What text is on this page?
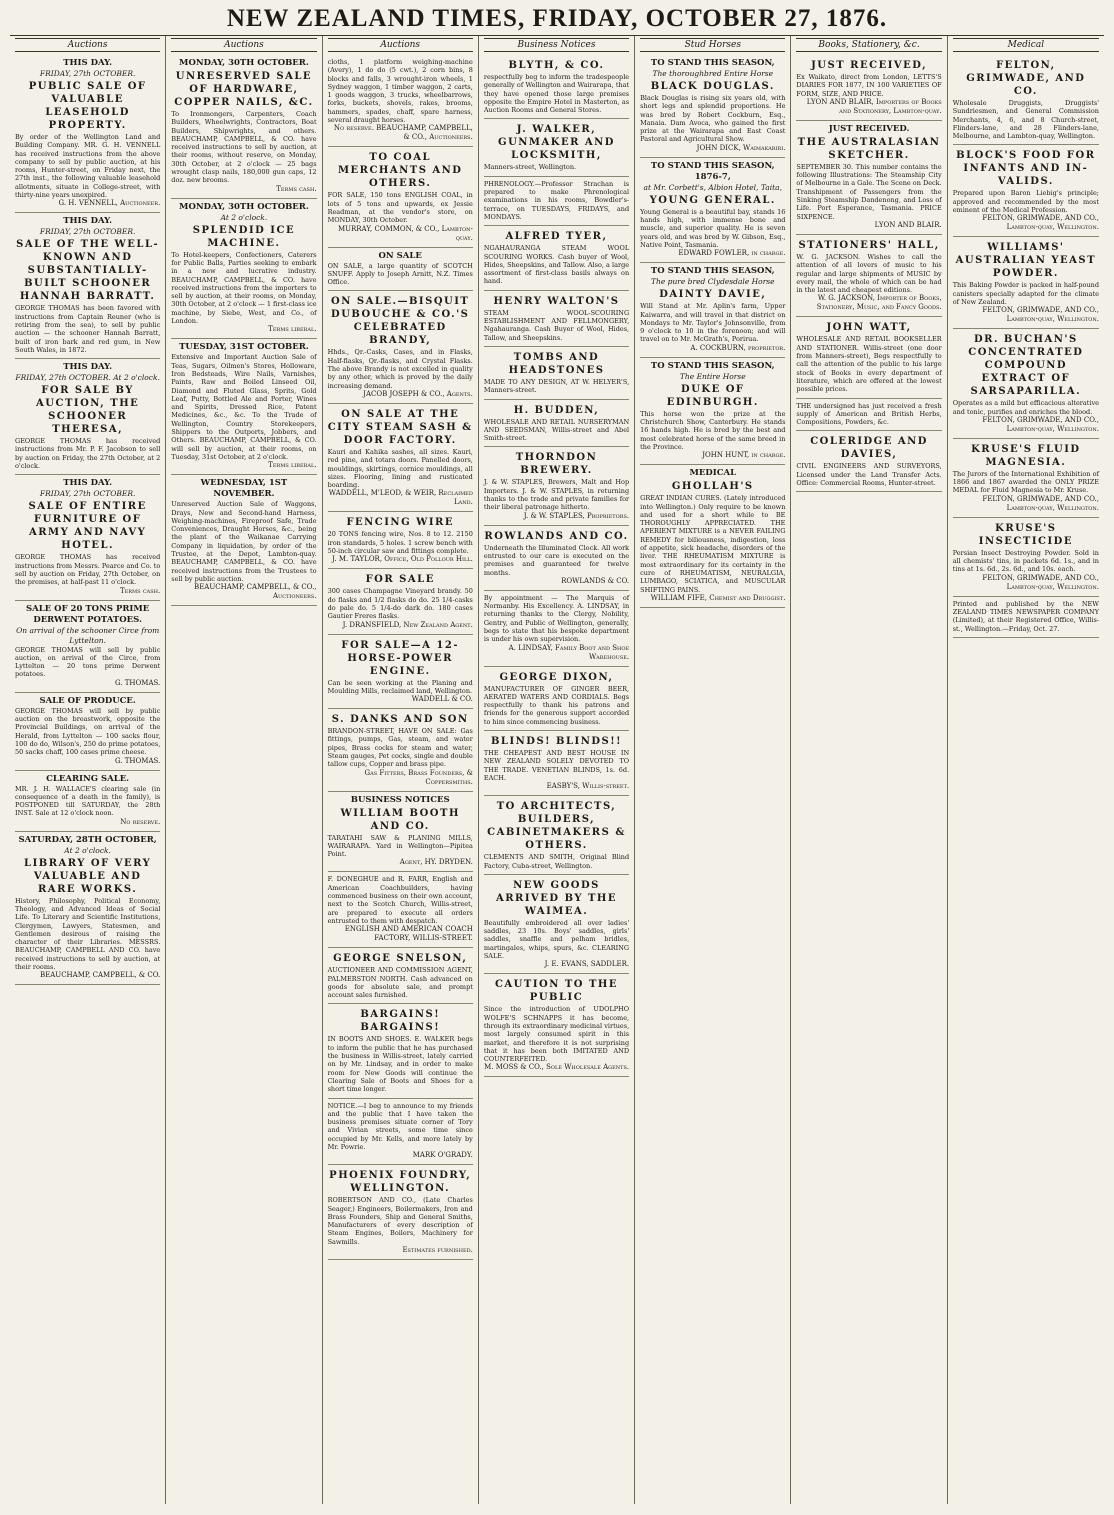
NEW ZEALAND TIMES, FRIDAY, OCTOBER 27, 1876.
Auctions
THIS DAY.
FRIDAY, 27th OCTOBER.
PUBLIC SALE OF VALUABLE LEASEHOLD PROPERTY.
By order of the Wellington Land and Building Company. MR. G. H. VENNELL has received instructions from the above company to sell by public auction, at his rooms, Hunter-street, on Friday next, the 27th inst., the following valuable leasehold allotments, situate in College-street, with thirty-nine years unexpired.
G. H. VENNELL, Auctioneer.
THIS DAY.
FRIDAY, 27th OCTOBER.
SALE OF THE WELL-KNOWN AND SUBSTANTIALLY-BUILT SCHOONER HANNAH BARRATT.
GEORGE THOMAS has been favored with instructions from Captain Reuner (who is retiring from the sea), to sell by public auction — the schooner Hannah Barratt, built of iron bark and red gum, in New South Wales, in 1872.
THIS DAY.
FRIDAY, 27th OCTOBER. At 2 o'clock.
FOR SALE BY AUCTION, THE SCHOONER THERESA,
GEORGE THOMAS has received instructions from Mr. P. F. Jacobson to sell by auction on Friday, the 27th October, at 2 o'clock.
THIS DAY.
FRIDAY, 27th OCTOBER.
SALE OF ENTIRE FURNITURE OF ARMY AND NAVY HOTEL.
GEORGE THOMAS has received instructions from Messrs. Pearce and Co. to sell by auction on Friday, 27th October, on the premises, at half-past 11 o'clock.
Terms cash.
SALE OF 20 TONS PRIME DERWENT POTATOES.
On arrival of the schooner Circe from Lyttelton.
GEORGE THOMAS will sell by public auction, on arrival of the Circe, from Lyttelton — 20 tons prime Derwent potatoes.
G. THOMAS.
SALE OF PRODUCE.
GEORGE THOMAS will sell by public auction on the breastwork, opposite the Provincial Buildings, on arrival of the Herald, from Lyttelton — 100 sacks flour, 100 do do, Wilson's, 250 do prime potatoes, 50 sacks chaff, 100 cases prime cheese.
G. THOMAS.
CLEARING SALE.
MR. J. H. WALLACE'S clearing sale (in consequence of a death in the family), is POSTPONED till SATURDAY, the 28th INST. Sale at 12 o'clock noon.
No reserve.
SATURDAY, 28TH OCTOBER,
At 2 o'clock.
LIBRARY OF VERY VALUABLE AND RARE WORKS.
History, Philosophy, Political Economy, Theology, and Advanced Ideas of Social Life. To Literary and Scientific Institutions, Clergymen, Lawyers, Statesmen, and Gentlemen desirous of raising the character of their Libraries. MESSRS. BEAUCHAMP, CAMPBELL AND CO. have received instructions to sell by auction, at their rooms.
BEAUCHAMP, CAMPBELL, & CO.
Auctions
MONDAY, 30TH OCTOBER.
UNRESERVED SALE OF HARDWARE, COPPER NAILS, &C.
To Ironmongers, Carpenters, Coach Builders, Wheelwrights, Contractors, Boat Builders, Shipwrights, and others. BEAUCHAMP, CAMPBELL, & CO. have received instructions to sell by auction, at their rooms, without reserve, on Monday, 30th October, at 2 o'clock — 25 bags wrought clasp nails, 180,000 gun caps, 12 doz. new brooms.
Terms cash.
MONDAY, 30TH OCTOBER.
At 2 o'clock.
SPLENDID ICE MACHINE.
To Hotel-keepers, Confectioners, Caterers for Public Balls, Parties seeking to embark in a new and lucrative industry. BEAUCHAMP, CAMPBELL, & CO. have received instructions from the importers to sell by auction, at their rooms, on Monday, 30th October, at 2 o'clock — 1 first-class ice machine, by Siebe, West, and Co., of London.
Terms liberal.
TUESDAY, 31ST OCTOBER.
Extensive and Important Auction Sale of Teas, Sugars, Oilmen's Stores, Holloware, Iron Bedsteads, Wire Nails, Varnishes, Paints, Raw and Boiled Linseed Oil, Diamond and Fluted Glass, Sprits, Gold Leaf, Putty, Bottled Ale and Porter, Wines and Spirits, Dressed Rice, Patent Medicines, &c., &c. To the Trade of Wellington, Country Storekeepers, Shippers to the Outports, Jobbers, and Others. BEAUCHAMP, CAMPBELL, & CO. will sell by auction, at their rooms, on Tuesday, 31st October, at 2 o'clock.
Terms liberal.
WEDNESDAY, 1ST NOVEMBER.
Unreserved Auction Sale of Waggons, Drays, New and Second-hand Harness, Weighing-machines, Fireproof Safe, Trade Conveniences, Draught Horses, &c., being the plant of the Waikanae Carrying Company in liquidation, by order of the Trustee, at the Depot, Lambton-quay. BEAUCHAMP, CAMPBELL, & CO. have received instructions from the Trustees to sell by public auction.
BEAUCHAMP, CAMPBELL, & CO., Auctioneers.
Auctions
cloths, 1 platform weighing-machine (Avery), 1 do do (5 cwt.), 2 corn bins, 8 blocks and falls, 3 wrought-iron wheels, 1 Sydney waggon, 1 timber waggon, 2 carts, 1 goods waggon, 3 trucks, wheelbarrows, forks, buckets, shovels, rakes, brooms, hammers, spades, chaff, spare harness, several draught horses.
No reserve. BEAUCHAMP, CAMPBELL, & CO., Auctioneers.
TO COAL MERCHANTS AND OTHERS.
FOR SALE, 150 tons ENGLISH COAL, in lots of 5 tons and upwards, ex Jessie Readman, at the vendor's store, on MONDAY, 30th October.
MURRAY, COMMON, & CO., Lambton-quay.
ON SALE
ON SALE, a large quantity of SCOTCH SNUFF. Apply to Joseph Arnitt, N.Z. Times Office.
ON SALE.—BISQUIT DUBOUCHE & CO.'S CELEBRATED BRANDY,
Hhds., Qr.-Casks, Cases, and in Flasks, Half-flasks, Qr.-flasks, and Crystal Flasks. The above Brandy is not excelled in quality by any other, which is proved by the daily increasing demand.
JACOB JOSEPH & CO., Agents.
ON SALE AT THE CITY STEAM SASH & DOOR FACTORY.
Kauri and Kahika sashes, all sizes. Kauri, red pine, and totara doors. Panelled doors, mouldings, skirtings, cornice mouldings, all sizes. Flooring, lining and rusticated boarding.
WADDELL, M'LEOD, & WEIR, Reclaimed Land.
FENCING WIRE
20 TONS fencing wire, Nos. 8 to 12. 2150 iron standards, 5 holes. 1 screw bench with 50-inch circular saw and fittings complete.
J. M. TAYLOR, Office, Old Pollour Hill.
FOR SALE
300 cases Champagne Vineyard brandy. 50 do flasks and 1/2 flasks do do. 25 1/4-casks do pale do. 5 1/4-do dark do. 180 cases Gautier Freres flasks.
J. DRANSFIELD, New Zealand Agent.
FOR SALE—A 12-HORSE-POWER ENGINE.
Can be seen working at the Planing and Moulding Mills, reclaimed land, Wellington.
WADDELL & CO.
S. DANKS AND SON
BRANDON-STREET, HAVE ON SALE: Gas fittings, pumps, Gas, steam, and water pipes, Brass cocks for steam and water, Steam gauges, Pet cocks, single and double tallow cups, Copper and brass pipe.
Gas Fitters, Brass Founders, & Coppersmiths.
BUSINESS NOTICES
WILLIAM BOOTH AND CO.
TARATAHI SAW & PLANING MILLS, WAIRARAPA. Yard in Wellington—Pipitea Point.
Agent, HY. DRYDEN.
F. DONEGHUE and R. FARR, English and American Coachbuilders, having commenced business on their own account, next to the Scotch Church, Willis-street, are prepared to execute all orders entrusted to them with despatch.
ENGLISH AND AMERICAN COACH FACTORY, WILLIS-STREET.
GEORGE SNELSON,
AUCTIONEER AND COMMISSION AGENT, PALMERSTON NORTH. Cash advanced on goods for absolute sale, and prompt account sales furnished.
BARGAINS! BARGAINS!
IN BOOTS AND SHOES. E. WALKER begs to inform the public that he has purchased the business in Willis-street, lately carried on by Mr. Lindsay, and in order to make room for New Goods will continue the Clearing Sale of Boots and Shoes for a short time longer.
NOTICE.—I beg to announce to my friends and the public that I have taken the business premises situate corner of Tory and Vivian streets, some time since occupied by Mr. Kells, and more lately by Mr. Powrie.
MARK O'GRADY.
PHOENIX FOUNDRY, WELLINGTON.
ROBERTSON AND CO., (Late Charles Seager,) Engineers, Boilermakers, Iron and Brass Founders, Ship and General Smiths, Manufacturers of every description of Steam Engines, Boilers, Machinery for Sawmills.
Estimates furnished.
Business Notices
BLYTH, & CO.
respectfully beg to inform the tradespeople generally of Wellington and Wairarapa, that they have opened those large premises opposite the Empire Hotel in Masterton, as Auction Rooms and General Stores.
J. WALKER, GUNMAKER AND LOCKSMITH,
Manners-street, Wellington.
PHRENOLOGY.—Professor Strachan is prepared to make Phrenological examinations in his rooms, Bowdler's-terrace, on TUESDAYS, FRIDAYS, and MONDAYS.
ALFRED TYER,
NGAHAURANGA STEAM WOOL SCOURING WORKS. Cash buyer of Wool, Hides, Sheepskins, and Tallow. Also, a large assortment of first-class basils always on hand.
HENRY WALTON'S
STEAM WOOL-SCOURING ESTABLISHMENT AND FELLMONGERY, Ngahauranga. Cash Buyer of Wool, Hides, Tallow, and Sheepskins.
TOMBS AND HEADSTONES
MADE TO ANY DESIGN, AT W. HELYER'S, Manners-street.
H. BUDDEN,
WHOLESALE AND RETAIL NURSERYMAN AND SEEDSMAN, Willis-street and Abel Smith-street.
THORNDON BREWERY.
J. & W. STAPLES, Brewers, Malt and Hop Importers. J. & W. STAPLES, in returning thanks to the trade and private families for their liberal patronage hitherto.
J. & W. STAPLES, Proprietors.
ROWLANDS AND CO.
Underneath the Illuminated Clock. All work entrusted to our care is executed on the premises and guaranteed for twelve months.
ROWLANDS & CO.
By appointment — The Marquis of Normanby. His Excellency. A. LINDSAY, in returning thanks to the Clergy, Nobility, Gentry, and Public of Wellington, generally, begs to state that his bespoke department is under his own supervision.
A. LINDSAY, Family Boot and Shoe Warehouse.
GEORGE DIXON,
MANUFACTURER OF GINGER BEER, AERATED WATERS AND CORDIALS. Begs respectfully to thank his patrons and friends for the generous support accorded to him since commencing business.
BLINDS! BLINDS!!
THE CHEAPEST AND BEST HOUSE IN NEW ZEALAND SOLELY DEVOTED TO THE TRADE. VENETIAN BLINDS, 1s. 6d. EACH.
EASBY'S, Willis-street.
TO ARCHITECTS, BUILDERS, CABINETMAKERS & OTHERS.
CLEMENTS AND SMITH, Original Blind Factory, Cuba-street, Wellington.
NEW GOODS ARRIVED BY THE WAIMEA.
Beautifully embroidered all over ladies' saddles, 23 10s. Boys' saddles, girls' saddles, snaffle and pelham bridles, martingales, whips, spurs, &c. CLEARING SALE.
J. E. EVANS, SADDLER.
CAUTION TO THE PUBLIC
Since the introduction of UDOLPHO WOLFE'S SCHNAPPS it has become, through its extraordinary medicinal virtues, most largely consumed spirit in this market, and therefore it is not surprising that it has been both IMITATED AND COUNTERFEITED.
M. MOSS & CO., Sole Wholesale Agents.
Stud Horses
TO STAND THIS SEASON,
The thoroughbred Entire Horse
BLACK DOUGLAS.
Black Douglas is rising six years old, with short legs and splendid proportions. He was bred by Robert Cockburn, Esq., Manaia. Dam Avoca, who gained the first prize at the Wairarapa and East Coast Pastoral and Agricultural Show.
JOHN DICK, Waimakariri.
TO STAND THIS SEASON, 1876-7,
at Mr. Corbett's, Albion Hotel, Taita,
YOUNG GENERAL.
Young General is a beautiful bay, stands 16 hands high, with immense bone and muscle, and superior quality. He is seven years old, and was bred by W. Gibson, Esq., Native Point, Tasmania.
EDWARD FOWLER, in charge.
TO STAND THIS SEASON,
The pure bred Clydesdale Horse
DAINTY DAVIE,
Will Stand at Mr. Aplin's farm, Upper Kaiwarra, and will travel in that district on Mondays to Mr. Taylor's Johnsonville, from 9 o'clock to 10 in the forenoon; and will travel on to Mr. McGrath's, Porirua.
A. COCKBURN, proprietor.
TO STAND THIS SEASON,
The Entire Horse
DUKE OF EDINBURGH.
This horse won the prize at the Christchurch Show, Canterbury. He stands 16 hands high. He is bred by the best and most celebrated horse of the same breed in the Province.
JOHN HUNT, in charge.
MEDICAL
GHOLLAH'S
GREAT INDIAN CURES. (Lately introduced into Wellington.) Only require to be known and used for a short while to BE THOROUGHLY APPRECIATED. THE APERIENT MIXTURE is a NEVER FAILING REMEDY for biliousness, indigestion, loss of appetite, sick headache, disorders of the liver. THE RHEUMATISM MIXTURE is most extraordinary for its certainty in the cure of RHEUMATISM, NEURALGIA, LUMBAGO, SCIATICA, and MUSCULAR SHIFTING PAINS.
WILLIAM FIFE, Chemist and Druggist.
Books, Stationery, &c.
JUST RECEIVED,
Ex Waikato, direct from London, LETTS'S DIARIES FOR 1877, IN 100 VARIETIES OF FORM, SIZE, AND PRICE.
LYON AND BLAIR, Importers of Books and Stationery, Lambton-quay.
JUST RECEIVED.
THE AUSTRALASIAN SKETCHER.
SEPTEMBER 30. This number contains the following Illustrations: The Steamship City of Melbourne in a Gale. The Scene on Deck. Transhipment of Passengers from the Sinking Steamship Dandenong, and Loss of Life. Port Esperance, Tasmania. PRICE SIXPENCE.
LYON AND BLAIR.
STATIONERS' HALL,
W. G. JACKSON. Wishes to call the attention of all lovers of music to his regular and large shipments of MUSIC by every mail, the whole of which can be had in the latest and cheapest editions.
W. G. JACKSON, Importer of Books, Stationery, Music, and Fancy Goods.
JOHN WATT,
WHOLESALE AND RETAIL BOOKSELLER AND STATIONER. Willis-street (one door from Manners-street), Begs respectfully to call the attention of the public to his large stock of Books in every department of literature, which are offered at the lowest possible prices.
THE undersigned has just received a fresh supply of American and British Herbs, Compositions, Powders, &c.
COLERIDGE AND DAVIES,
CIVIL ENGINEERS AND SURVEYORS, Licensed under the Land Transfer Acts. Office: Commercial Rooms, Hunter-street.
Medical
FELTON, GRIMWADE, AND CO.
Wholesale Druggists, Druggists' Sundriesmen, and General Commission Merchants, 4, 6, and 8 Church-street, Flinders-lane, and 28 Flinders-lane, Melbourne, and Lambton-quay, Wellington.
BLOCK'S FOOD FOR INFANTS AND IN-VALIDS.
Prepared upon Baron Liebig's principle; approved and recommended by the most eminent of the Medical Profession.
FELTON, GRIMWADE, AND CO., Lambton-quay, Wellington.
WILLIAMS' AUSTRALIAN YEAST POWDER.
This Baking Powder is packed in half-pound canisters specially adapted for the climate of New Zealand.
FELTON, GRIMWADE, AND CO., Lambton-quay, Wellington.
DR. BUCHAN'S CONCENTRATED COMPOUND EXTRACT OF SARSAPARILLA.
Operates as a mild but efficacious alterative and tonic, purifies and enriches the blood.
FELTON, GRIMWADE, AND CO., Lambton-quay, Wellington.
KRUSE'S FLUID MAGNESIA.
The Jurors of the International Exhibition of 1866 and 1867 awarded the ONLY PRIZE MEDAL for Fluid Magnesia to Mr. Kruse.
FELTON, GRIMWADE, AND CO., Lambton-quay, Wellington.
KRUSE'S INSECTICIDE
Persian Insect Destroying Powder. Sold in all chemists' tins, in packets 6d. 1s., and in tins at 1s. 6d., 2s. 6d., and 10s. each.
FELTON, GRIMWADE, AND CO., Lambton-quay, Wellington.
Printed and published by the NEW ZEALAND TIMES NEWSPAPER COMPANY (Limited), at their Registered Office, Willis-st., Wellington.—Friday, Oct. 27.
